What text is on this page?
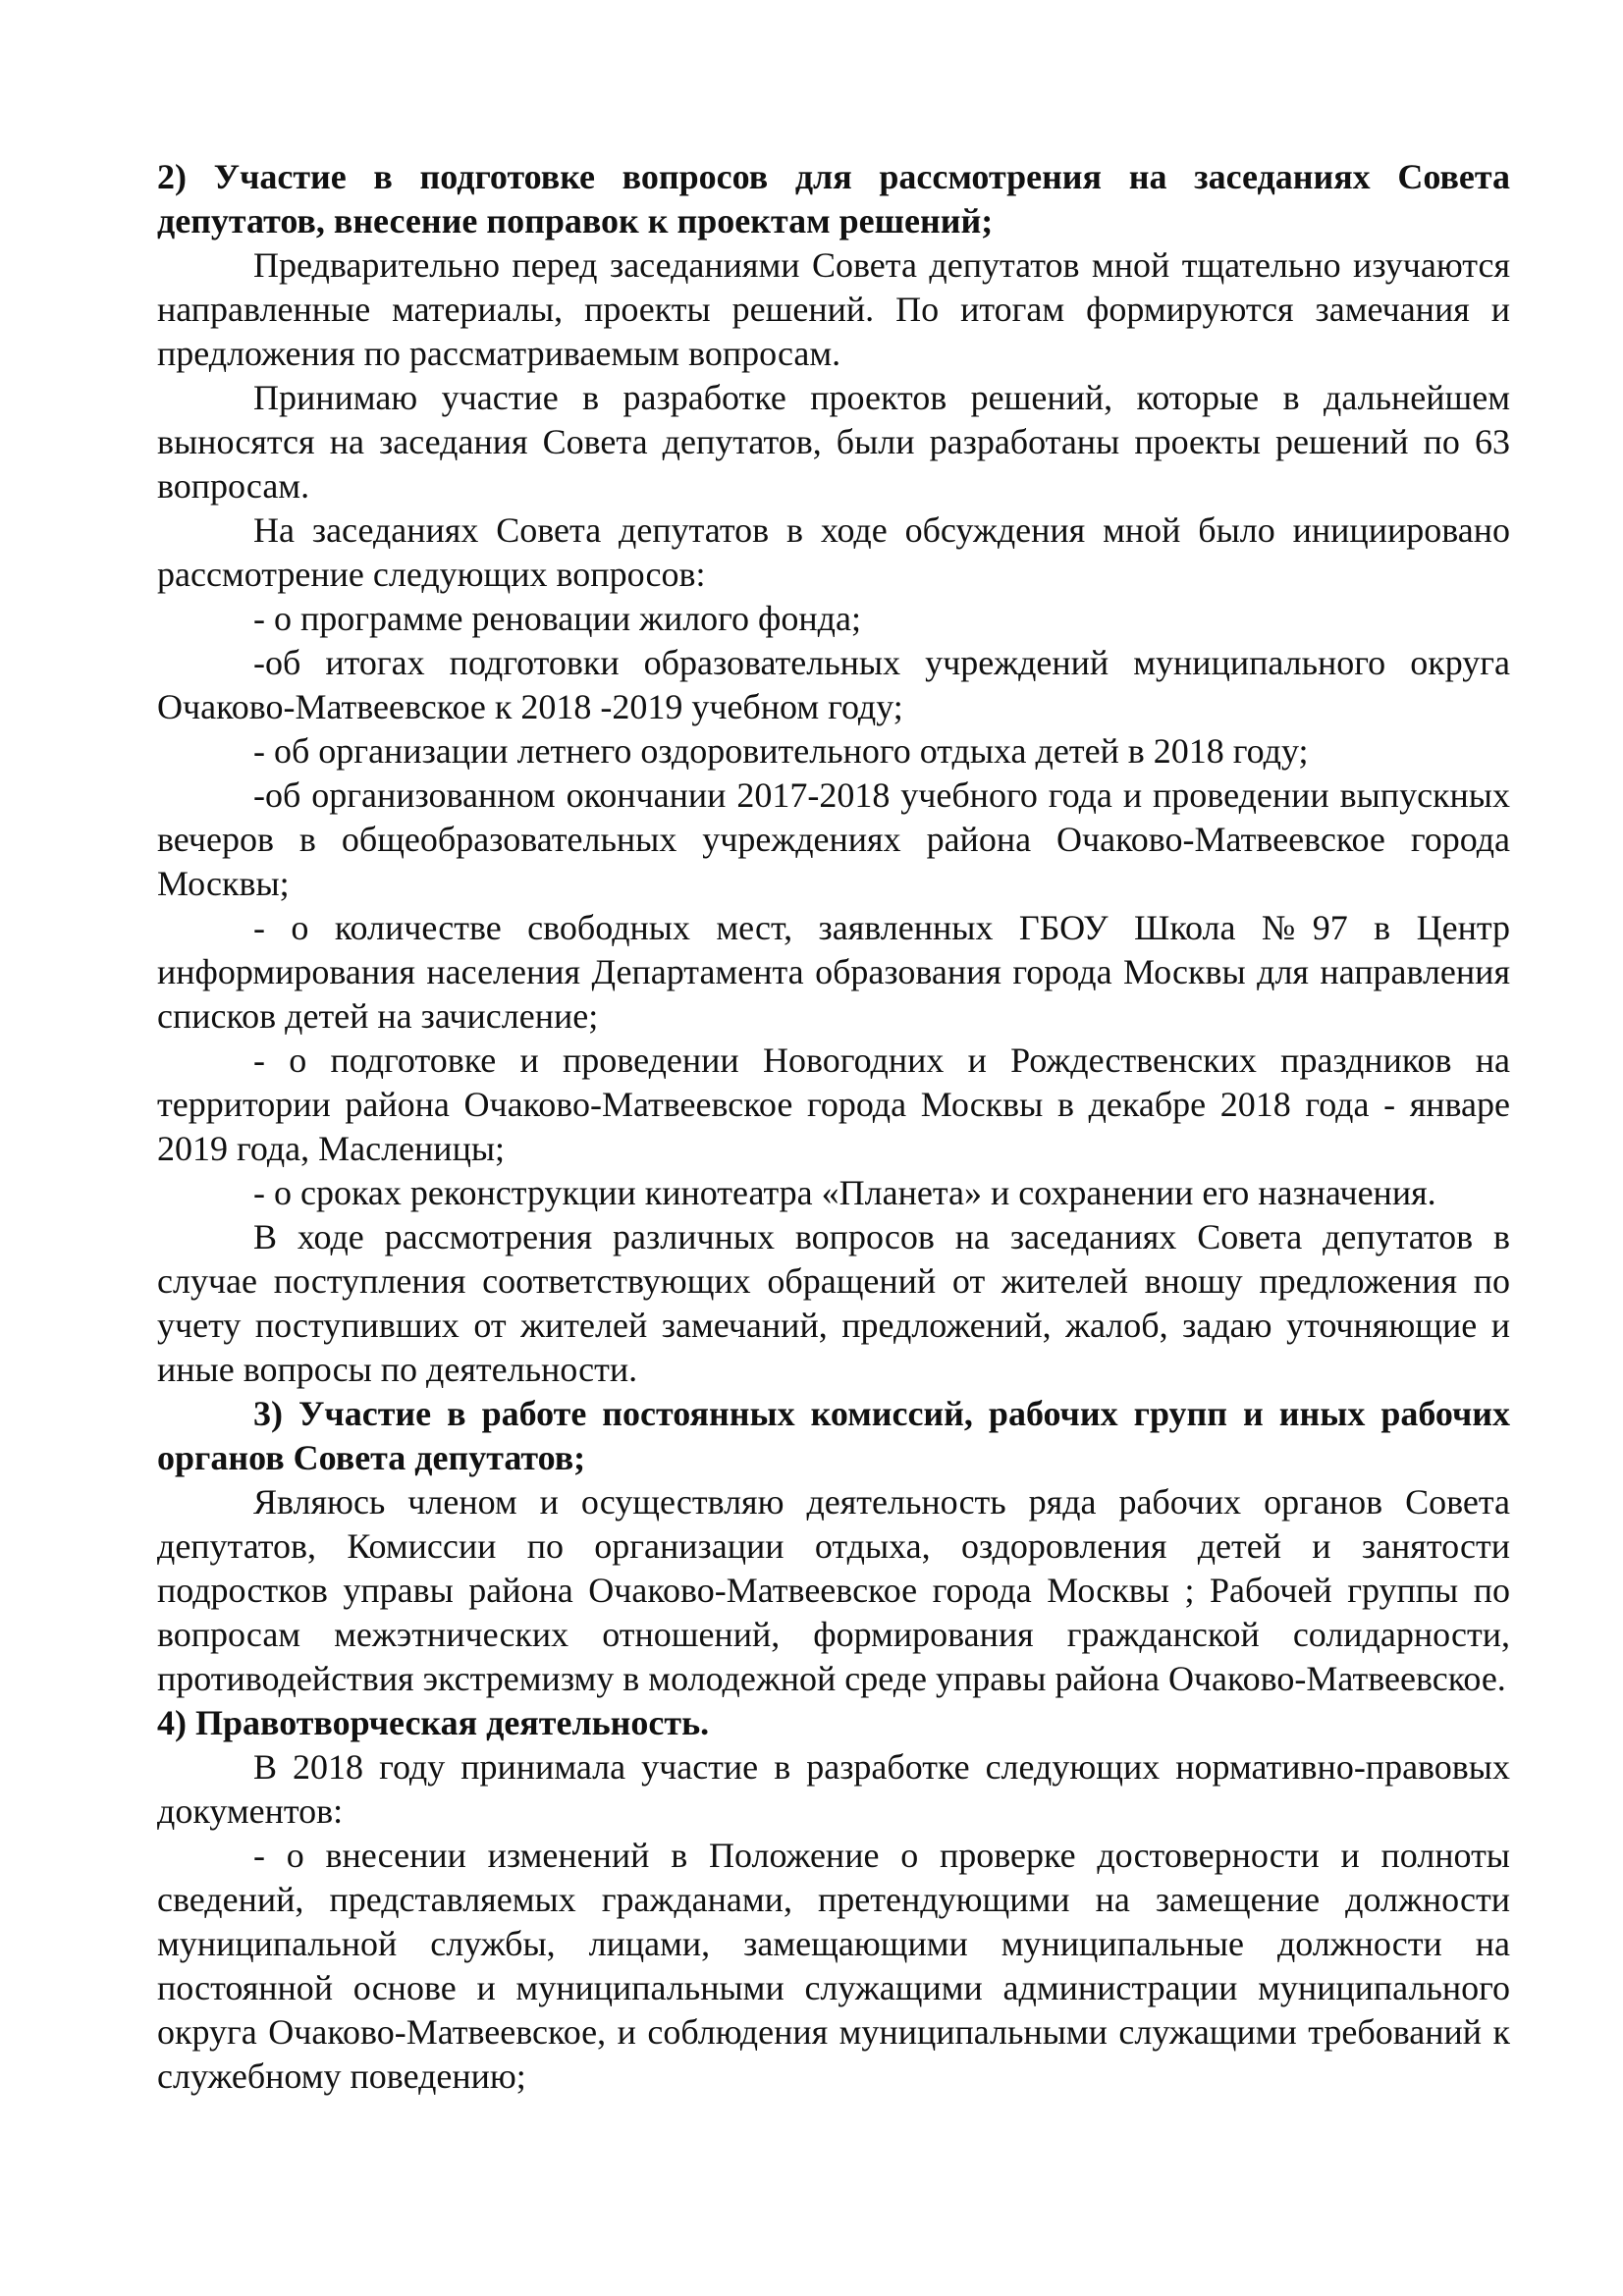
2) Участие в подготовке вопросов для рассмотрения на заседаниях Совета депутатов, внесение поправок к проектам решений;

Предварительно перед заседаниями Совета депутатов мной тщательно изучаются направленные материалы, проекты решений. По итогам формируются замечания и предложения по рассматриваемым вопросам.

Принимаю участие в разработке проектов решений, которые в дальнейшем выносятся на заседания Совета депутатов, были разработаны проекты решений по 63 вопросам.

На заседаниях Совета депутатов в ходе обсуждения мной было инициировано рассмотрение следующих вопросов:

- о программе реновации жилого фонда;

-об итогах подготовки образовательных учреждений муниципального округа Очаково-Матвеевское к 2018 -2019 учебном году;

- об организации летнего оздоровительного отдыха детей в 2018 году;

-об организованном окончании 2017-2018 учебного года и проведении выпускных вечеров в общеобразовательных учреждениях района Очаково-Матвеевское города Москвы;

- о количестве свободных мест, заявленных ГБОУ Школа №97 в Центр информирования населения Департамента образования города Москвы для направления списков детей на зачисление;

- о подготовке и проведении Новогодних и Рождественских праздников на территории района Очаково-Матвеевское города Москвы в декабре 2018 года - январе 2019 года, Масленицы;

- о сроках реконструкции кинотеатра «Планета» и сохранении его назначения.

В ходе рассмотрения различных вопросов на заседаниях Совета депутатов в случае поступления соответствующих обращений от жителей вношу предложения по учету поступивших от жителей замечаний, предложений, жалоб, задаю уточняющие и иные вопросы по деятельности.

3) Участие в работе постоянных комиссий, рабочих групп и иных рабочих органов Совета депутатов;

Являюсь членом и осуществляю деятельность ряда рабочих органов Совета депутатов, Комиссии по организации отдыха, оздоровления детей и занятости подростков управы района Очаково-Матвеевское города Москвы ; Рабочей группы по вопросам межэтнических отношений, формирования гражданской солидарности, противодействия экстремизму в молодежной среде управы района Очаково-Матвеевское.

4) Правотворческая деятельность.

В 2018 году принимала участие в разработке следующих нормативно-правовых документов:

- о внесении изменений в Положение о проверке достоверности и полноты сведений, представляемых гражданами, претендующими на замещение должности муниципальной службы, лицами, замещающими муниципальные должности на постоянной основе и муниципальными служащими администрации муниципального округа Очаково-Матвеевское, и соблюдения муниципальными служащими требований к служебному поведению;
